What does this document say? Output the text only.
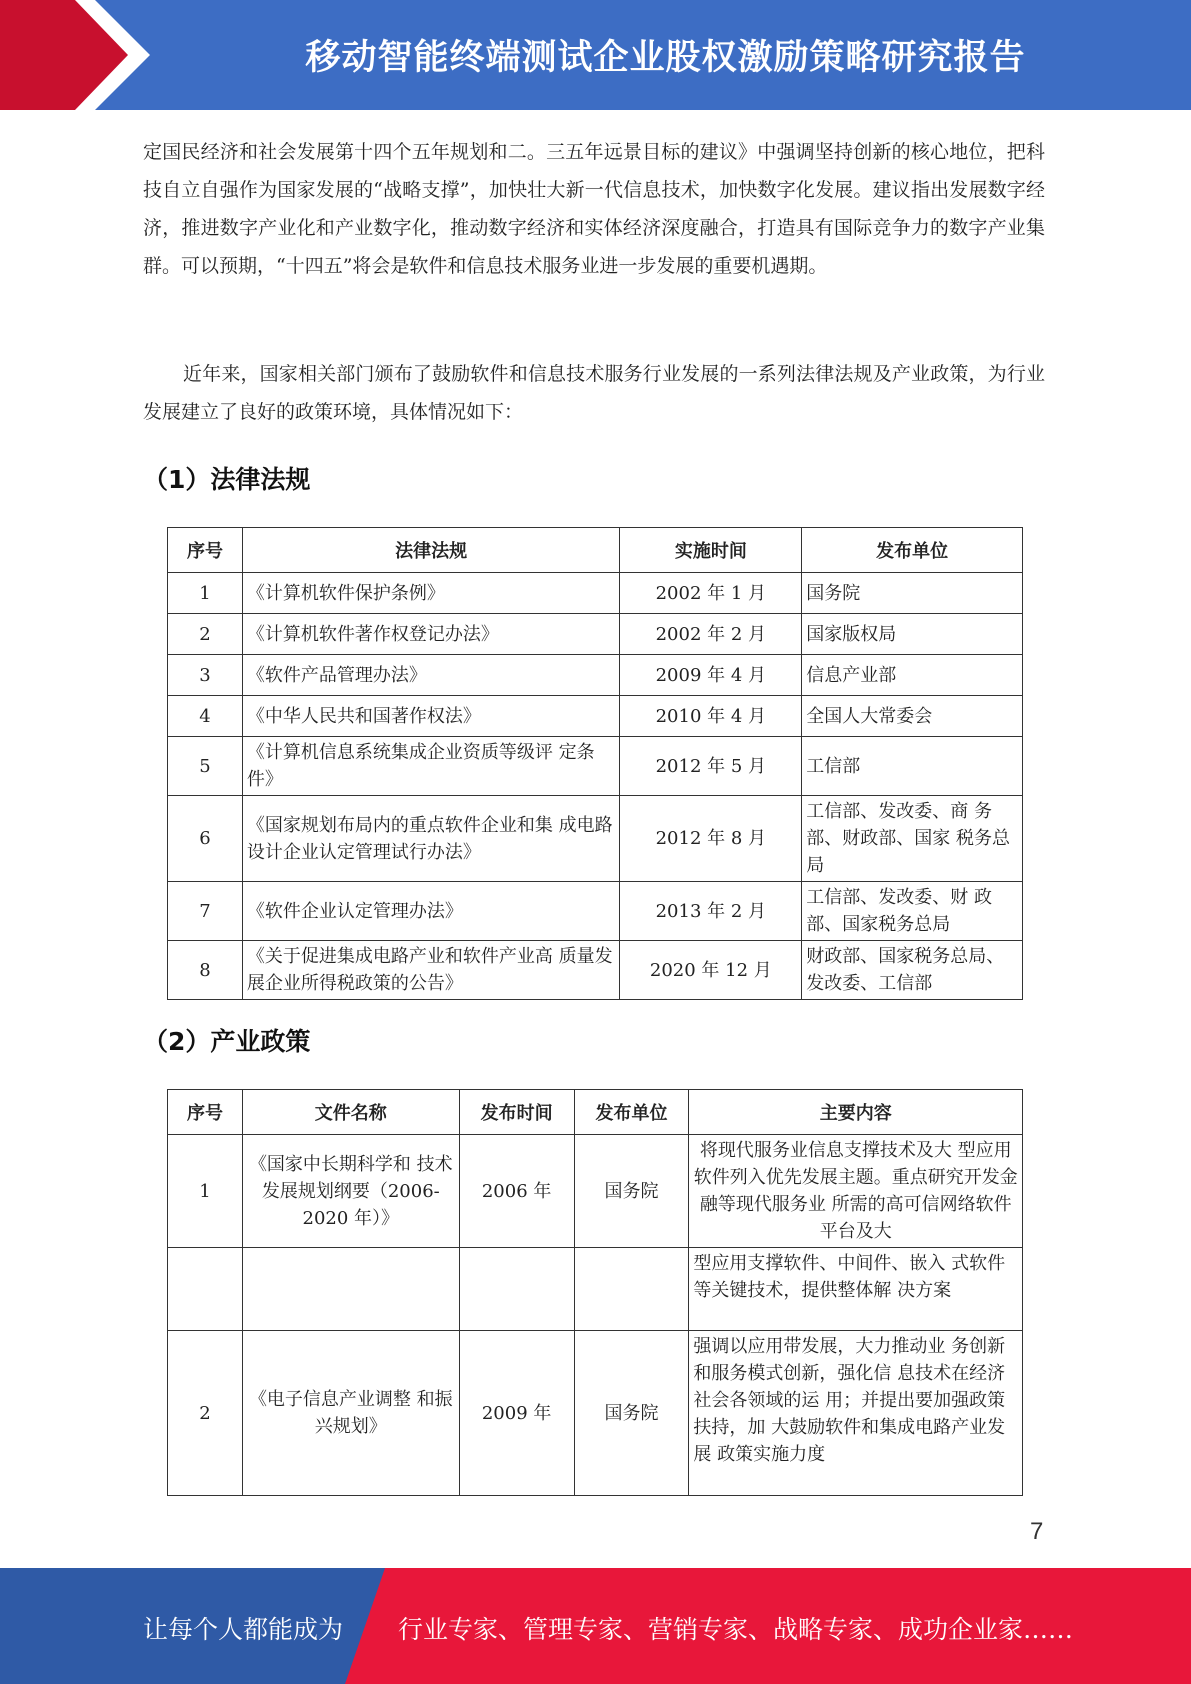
移动智能终端测试企业股权激励策略研究报告

定国民经济和社会发展第十四个五年规划和二。三五年远景目标的建议》中强调坚持创新的核心地位，把科技自立自强作为国家发展的“战略支撑”，加快壮大新一代信息技术，加快数字化发展。建议指出发展数字经济，推进数字产业化和产业数字化，推动数字经济和实体经济深度融合，打造具有国际竞争力的数字产业集群。可以预期，“十四五”将会是软件和信息技术服务业进一步发展的重要机遇期。

近年来，国家相关部门颁布了鼓励软件和信息技术服务行业发展的一系列法律法规及产业政策，为行业发展建立了良好的政策环境，具体情况如下：

（1）法律法规
序号	法律法规	实施时间	发布单位
1	《计算机软件保护条例》	2002 年 1 月	国务院
2	《计算机软件著作权登记办法》	2002 年 2 月	国家版权局
3	《软件产品管理办法》	2009 年 4 月	信息产业部
4	《中华人民共和国著作权法》	2010 年 4 月	全国人大常委会
5	《计算机信息系统集成企业资质等级评 定条件》	2012 年 5 月	工信部
6	《国家规划布局内的重点软件企业和集 成电路设计企业认定管理试行办法》	2012 年 8 月	工信部、发改委、商 务部、财政部、国家 税务总局
7	《软件企业认定管理办法》	2013 年 2 月	工信部、发改委、财 政部、国家税务总局
8	《关于促进集成电路产业和软件产业高 质量发展企业所得税政策的公告》	2020 年 12 月	财政部、国家税务总局、发改委、工信部
（2）产业政策
序号	文件名称	发布时间	发布单位	主要内容
1	《国家中长期科学和 技术发展规划纲要（2006-2020 年）》	2006 年	国务院	将现代服务业信息支撑技术及大 型应用软件列入优先发展主题。重点研究开发金融等现代服务业 所需的高可信网络软件平台及大
				型应用支撑软件、中间件、嵌入 式软件等关键技术，提供整体解 决方案
2	《电子信息产业调整 和振兴规划》	2009 年	国务院	强调以应用带发展，大力推动业 务创新和服务模式创新，强化信 息技术在经济社会各领域的运 用；并提出要加强政策扶持，加 大鼓励软件和集成电路产业发展 政策实施力度
7
让每个人都能成为 行业专家、管理专家、营销专家、战略专家、成功企业家……
